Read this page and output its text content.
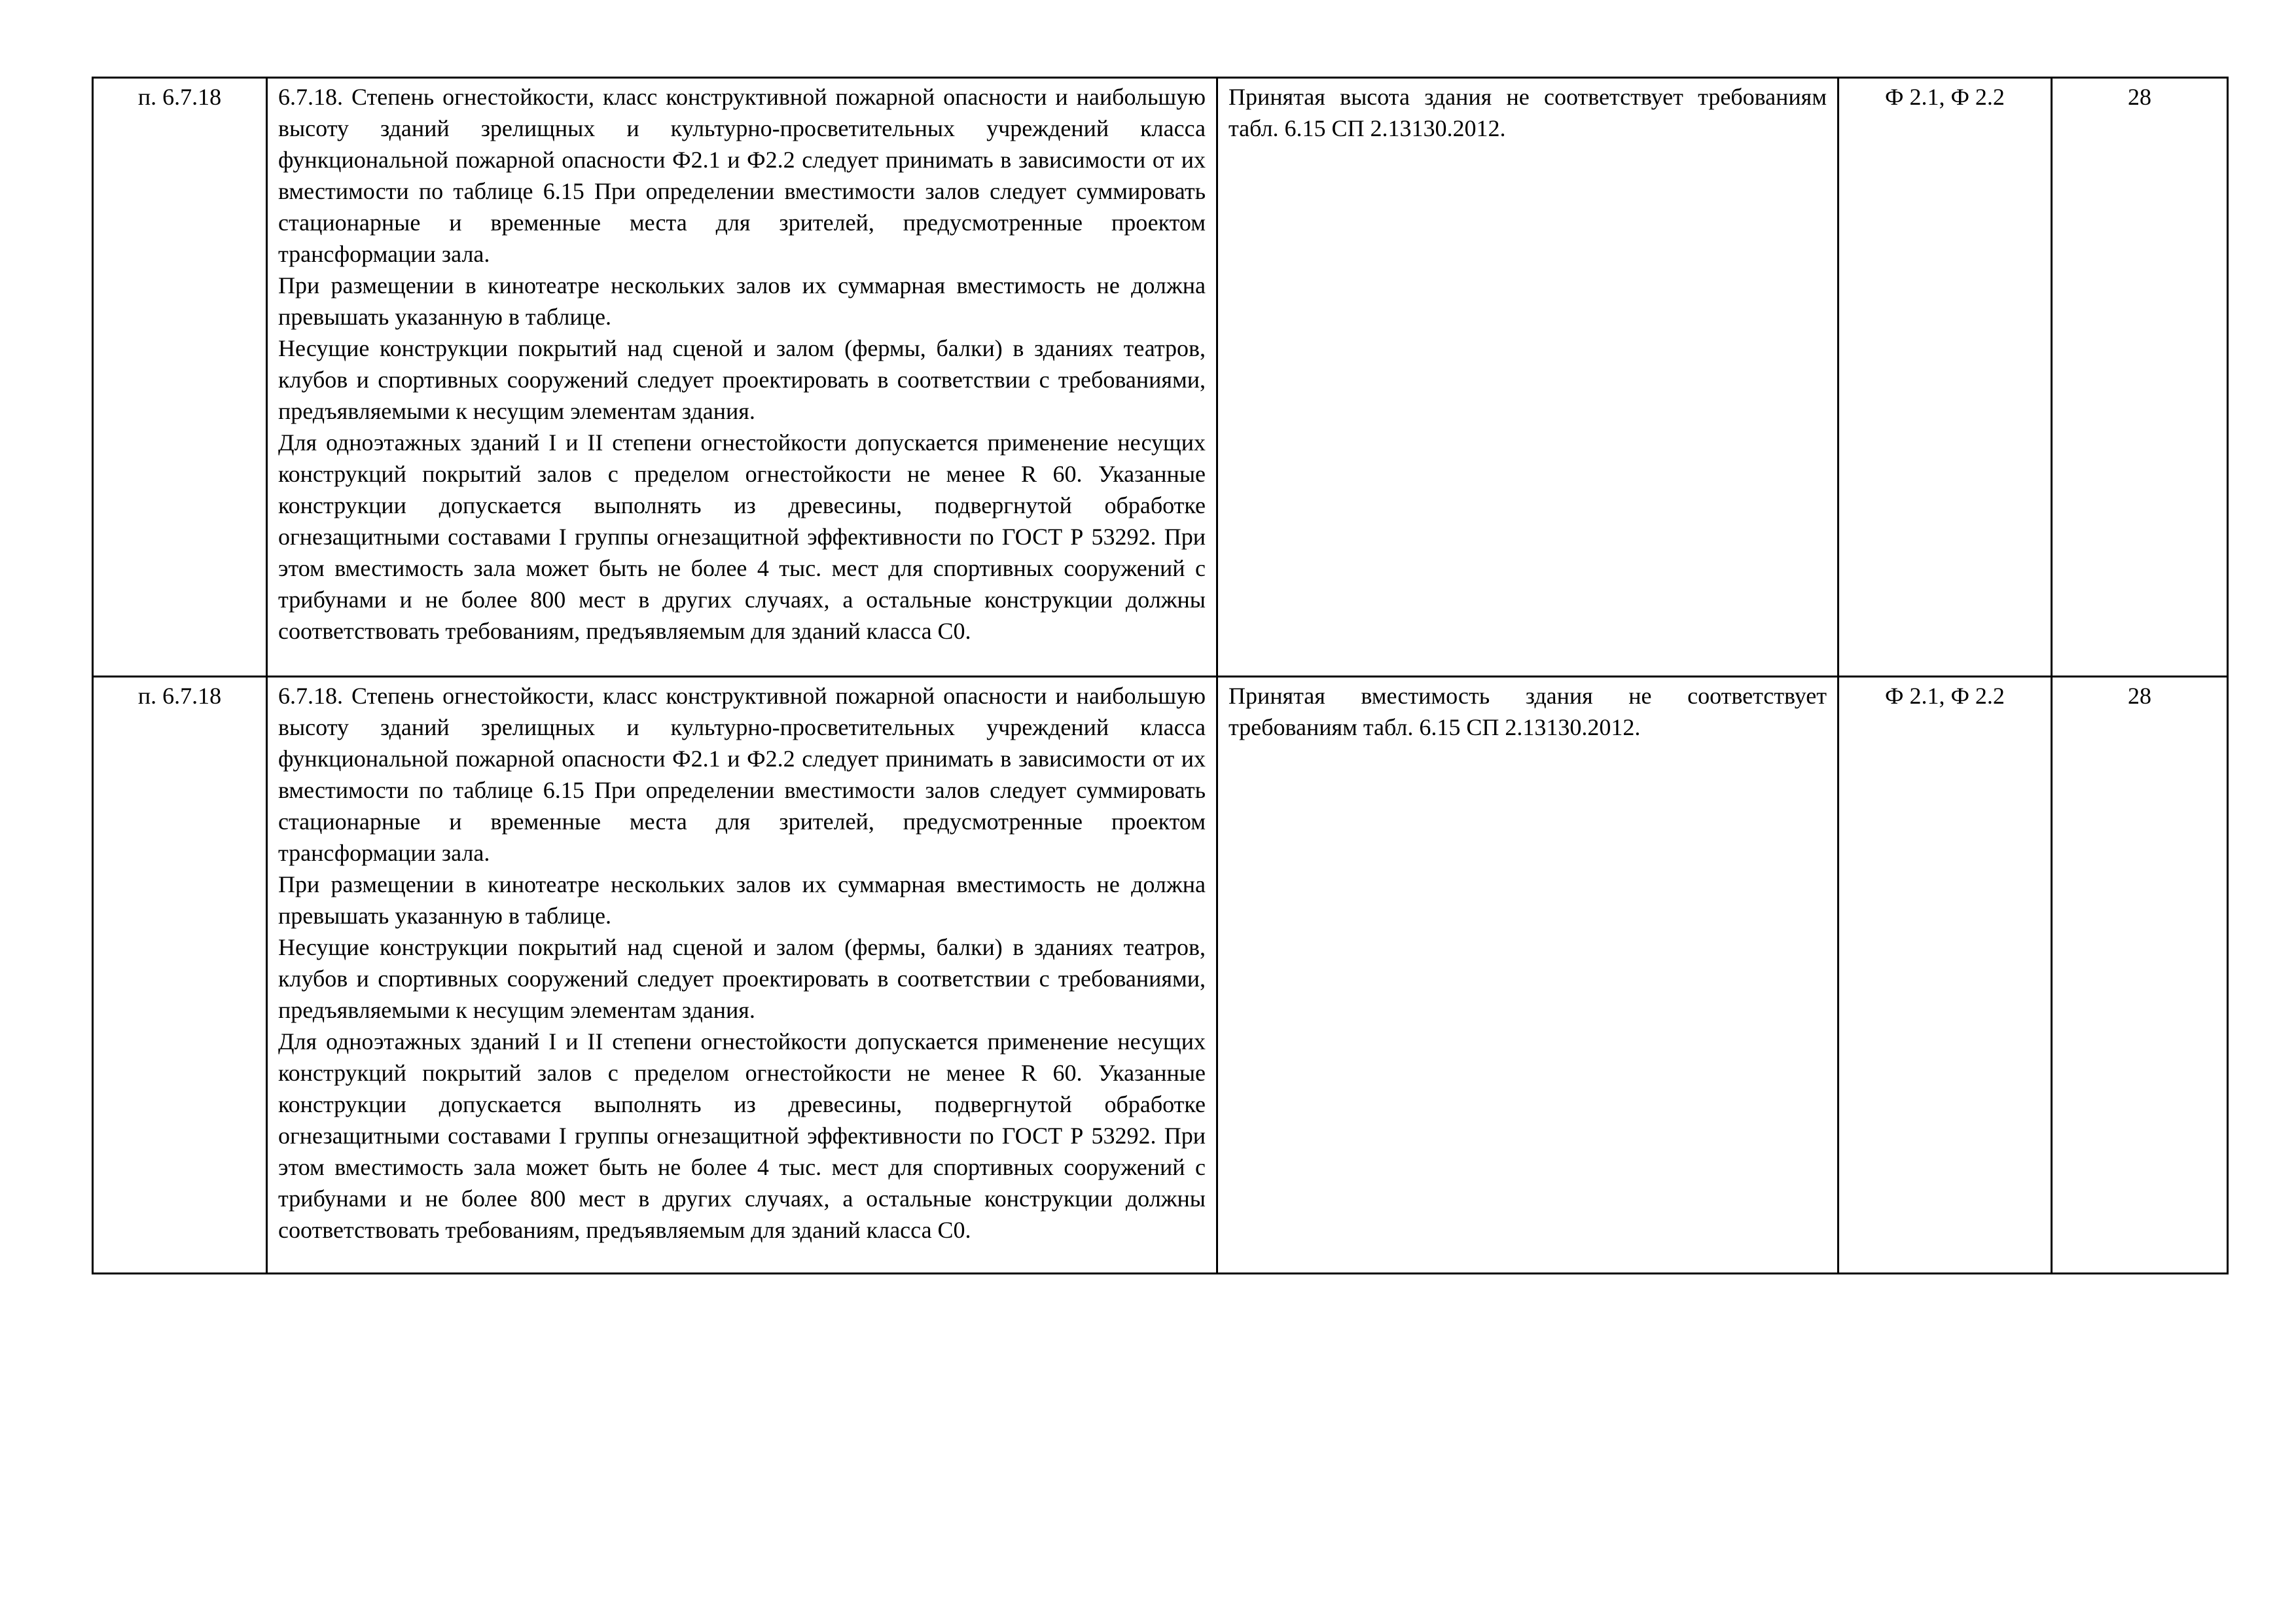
п. 6.7.18	6.7.18. Степень огнестойкости, класс конструктивной пожарной опасности и наибольшую высоту зданий зрелищных и культурно-просветительных учреждений класса функциональной пожарной опасности Ф2.1 и Ф2.2 следует принимать в зависимости от их вместимости по таблице 6.15 При определении вместимости залов следует суммировать стационарные и временные места для зрителей, предусмотренные проектом трансформации зала.
При размещении в кинотеатре нескольких залов их суммарная вместимость не должна превышать указанную в таблице.
Несущие конструкции покрытий над сценой и залом (фермы, балки) в зданиях театров, клубов и спортивных сооружений следует проектировать в соответствии с требованиями, предъявляемыми к несущим элементам здания.
Для одноэтажных зданий I и II степени огнестойкости допускается применение несущих конструкций покрытий залов с пределом огнестойкости не менее R 60. Указанные конструкции допускается выполнять из древесины, подвергнутой обработке огнезащитными составами I группы огнезащитной эффективности по ГОСТ Р 53292. При этом вместимость зала может быть не более 4 тыс. мест для спортивных сооружений с трибунами и не более 800 мест в других случаях, а остальные конструкции должны соответствовать требованиям, предъявляемым для зданий класса С0.	Принятая высота здания не соответствует требованиям табл. 6.15 СП 2.13130.2012.	Ф 2.1, Ф 2.2	28
п. 6.7.18	6.7.18. Степень огнестойкости, класс конструктивной пожарной опасности и наибольшую высоту зданий зрелищных и культурно-просветительных учреждений класса функциональной пожарной опасности Ф2.1 и Ф2.2 следует принимать в зависимости от их вместимости по таблице 6.15 При определении вместимости залов следует суммировать стационарные и временные места для зрителей, предусмотренные проектом трансформации зала.
При размещении в кинотеатре нескольких залов их суммарная вместимость не должна превышать указанную в таблице.
Несущие конструкции покрытий над сценой и залом (фермы, балки) в зданиях театров, клубов и спортивных сооружений следует проектировать в соответствии с требованиями, предъявляемыми к несущим элементам здания.
Для одноэтажных зданий I и II степени огнестойкости допускается применение несущих конструкций покрытий залов с пределом огнестойкости не менее R 60. Указанные конструкции допускается выполнять из древесины, подвергнутой обработке огнезащитными составами I группы огнезащитной эффективности по ГОСТ Р 53292. При этом вместимость зала может быть не более 4 тыс. мест для спортивных сооружений с трибунами и не более 800 мест в других случаях, а остальные конструкции должны соответствовать требованиям, предъявляемым для зданий класса С0.	Принятая вместимость здания не соответствует требованиям табл. 6.15 СП 2.13130.2012.	Ф 2.1, Ф 2.2	28
